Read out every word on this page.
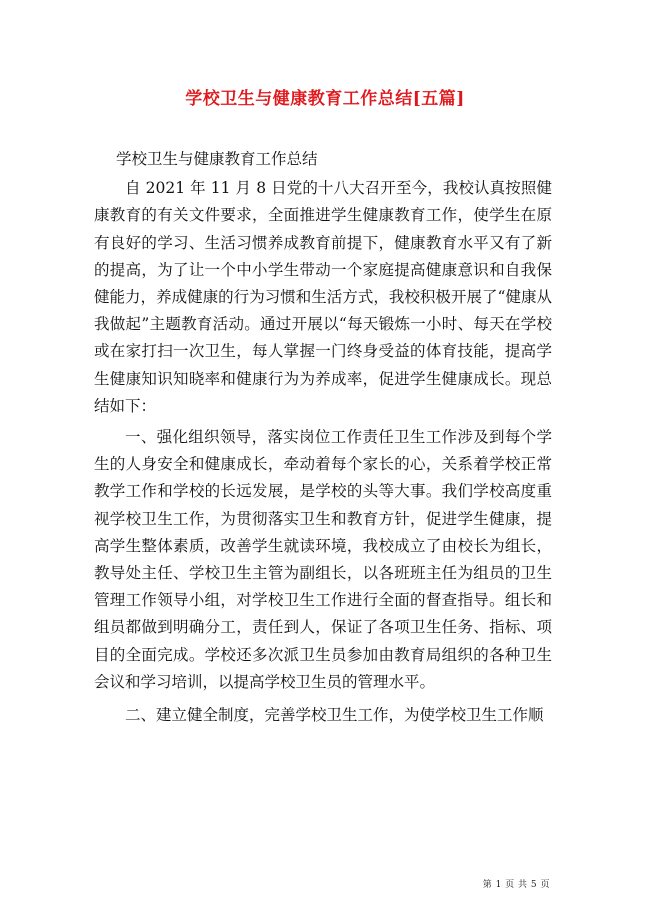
学校卫生与健康教育工作总结[五篇]

学校卫生与健康教育工作总结

自 2021 年 11 月 8 日党的十八大召开至今，我校认真按照健康教育的有关文件要求，全面推进学生健康教育工作，使学生在原有良好的学习、生活习惯养成教育前提下，健康教育水平又有了新的提高，为了让一个中小学生带动一个家庭提高健康意识和自我保健能力，养成健康的行为习惯和生活方式，我校积极开展了“健康从我做起”主题教育活动。通过开展以“每天锻炼一小时、每天在学校或在家打扫一次卫生，每人掌握一门终身受益的体育技能，提高学生健康知识知晓率和健康行为为养成率，促进学生健康成长。现总结如下：

一、强化组织领导，落实岗位工作责任卫生工作涉及到每个学生的人身安全和健康成长，牵动着每个家长的心，关系着学校正常教学工作和学校的长远发展，是学校的头等大事。我们学校高度重视学校卫生工作，为贯彻落实卫生和教育方针，促进学生健康，提高学生整体素质，改善学生就读环境，我校成立了由校长为组长，教导处主任、学校卫生主管为副组长，以各班班主任为组员的卫生管理工作领导小组，对学校卫生工作进行全面的督查指导。组长和组员都做到明确分工，责任到人，保证了各项卫生任务、指标、项目的全面完成。学校还多次派卫生员参加由教育局组织的各种卫生会议和学习培训，以提高学校卫生员的管理水平。

二、建立健全制度，完善学校卫生工作，为使学校卫生工作顺

第 1 页 共 5 页
